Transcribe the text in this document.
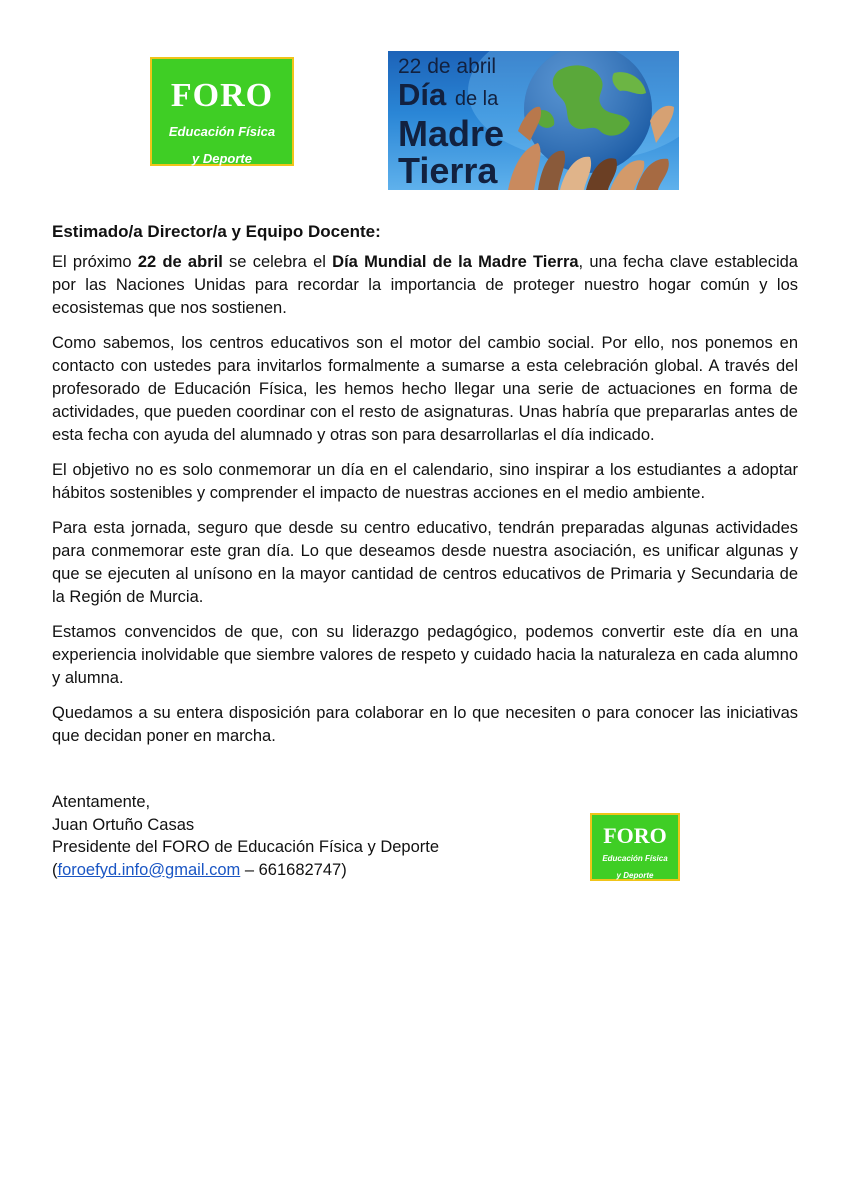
FORO
Educación Física
y Deporte
22 de abril
Día de la
Madre
Tierra

Estimado/a Director/a y Equipo Docente:

El próximo 22 de abril se celebra el Día Mundial de la Madre Tierra, una fecha clave establecida por las Naciones Unidas para recordar la importancia de proteger nuestro hogar común y los ecosistemas que nos sostienen.

Como sabemos, los centros educativos son el motor del cambio social. Por ello, nos ponemos en contacto con ustedes para invitarlos formalmente a sumarse a esta celebración global. A través del profesorado de Educación Física, les hemos hecho llegar una serie de actuaciones en forma de actividades, que pueden coordinar con el resto de asignaturas. Unas habría que prepararlas antes de esta fecha con ayuda del alumnado y otras son para desarrollarlas el día indicado.

El objetivo no es solo conmemorar un día en el calendario, sino inspirar a los estudiantes a adoptar hábitos sostenibles y comprender el impacto de nuestras acciones en el medio ambiente.

Para esta jornada, seguro que desde su centro educativo, tendrán preparadas algunas actividades para conmemorar este gran día. Lo que deseamos desde nuestra asociación, es unificar algunas y que se ejecuten al unísono en la mayor cantidad de centros educativos de Primaria y Secundaria de la Región de Murcia.

Estamos convencidos de que, con su liderazgo pedagógico, podemos convertir este día en una experiencia inolvidable que siembre valores de respeto y cuidado hacia la naturaleza en cada alumno y alumna.

Quedamos a su entera disposición para colaborar en lo que necesiten o para conocer las iniciativas que decidan poner en marcha.

Atentamente,
Juan Ortuño Casas
Presidente del FORO de Educación Física y Deporte
(foroefyd.info@gmail.com – 661682747)
FORO
Educación Física
y Deporte
